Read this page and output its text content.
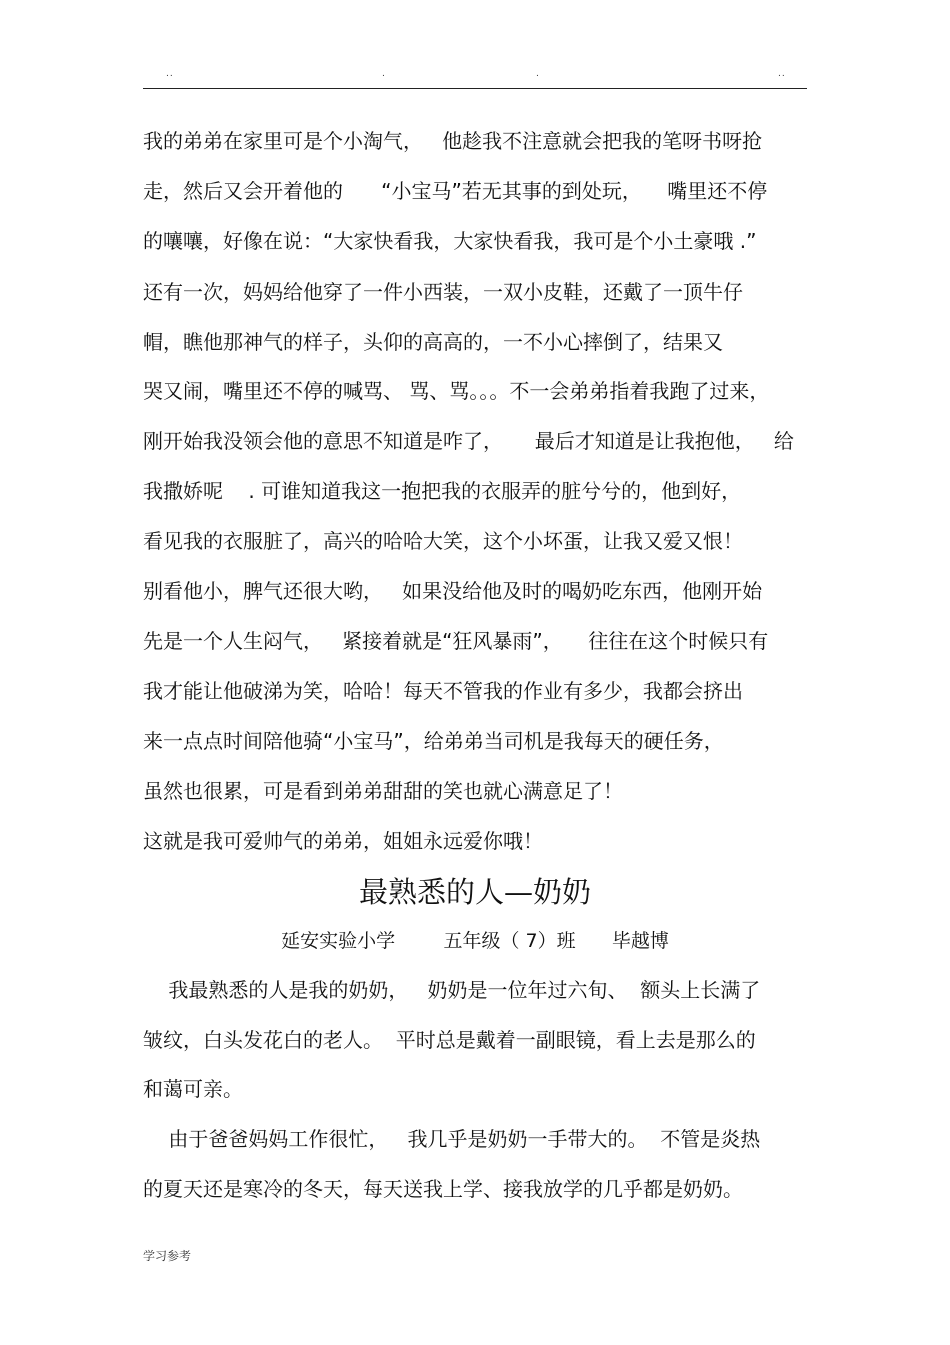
..	.	.	..
我的弟弟在家里可是个小淘气，   他趁我不注意就会把我的笔呀书呀抢
走，然后又会开着他的      “小宝马”若无其事的到处玩，    嘴里还不停
的嚷嚷，好像在说：“大家快看我，大家快看我，我可是个小土豪哦 .”
还有一次，妈妈给他穿了一件小西装，一双小皮鞋，还戴了一顶牛仔
帽，瞧他那神气的样子，头仰的高高的，一不小心摔倒了，结果又
哭又闹，嘴里还不停的喊骂、 骂、骂。。。不一会弟弟指着我跑了过来，
刚开始我没领会他的意思不知道是咋了，     最后才知道是让我抱他，   给
我撒娇呢    . 可谁知道我这一抱把我的衣服弄的脏兮兮的，他到好，
看见我的衣服脏了，高兴的哈哈大笑，这个小坏蛋，让我又爱又恨！
别看他小，脾气还很大哟，   如果没给他及时的喝奶吃东西，他刚开始
先是一个人生闷气，   紧接着就是“狂风暴雨”，    往往在这个时候只有
我才能让他破涕为笑，哈哈！每天不管我的作业有多少，我都会挤出
来一点点时间陪他骑“小宝马”，给弟弟当司机是我每天的硬任务，
虽然也很累，可是看到弟弟甜甜的笑也就心满意足了！
这就是我可爱帅气的弟弟，姐姐永远爱你哦！
最熟悉的人—奶奶
延安实验小学        五年级（ 7）班      毕越博
我最熟悉的人是我的奶奶，   奶奶是一位年过六旬、  额头上长满了
皱纹，白头发花白的老人。  平时总是戴着一副眼镜，看上去是那么的
和蔼可亲。
由于爸爸妈妈工作很忙，   我几乎是奶奶一手带大的。  不管是炎热
的夏天还是寒冷的冬天，每天送我上学、接我放学的几乎都是奶奶。
学习参考
